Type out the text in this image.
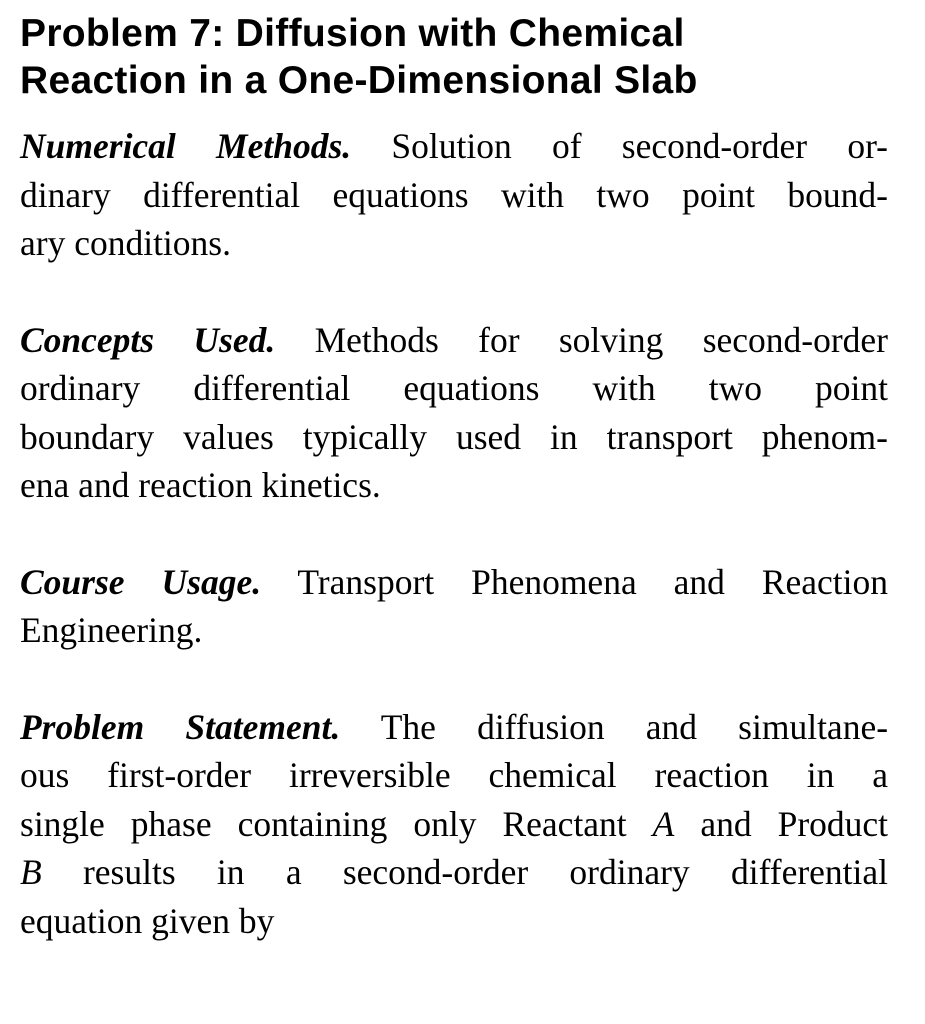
Problem 7: Diffusion with Chemical
Reaction in a One-Dimensional Slab

Numerical Methods. Solution of second-order or-
dinary differential equations with two point bound-
ary conditions.

Concepts Used. Methods for solving second-order
ordinary differential equations with two point
boundary values typically used in transport phenom-
ena and reaction kinetics.

Course Usage. Transport Phenomena and Reaction
Engineering.

Problem Statement. The diffusion and simultane-
ous first-order irreversible chemical reaction in a
single phase containing only Reactant A and Product
B results in a second-order ordinary differential
equation given by
